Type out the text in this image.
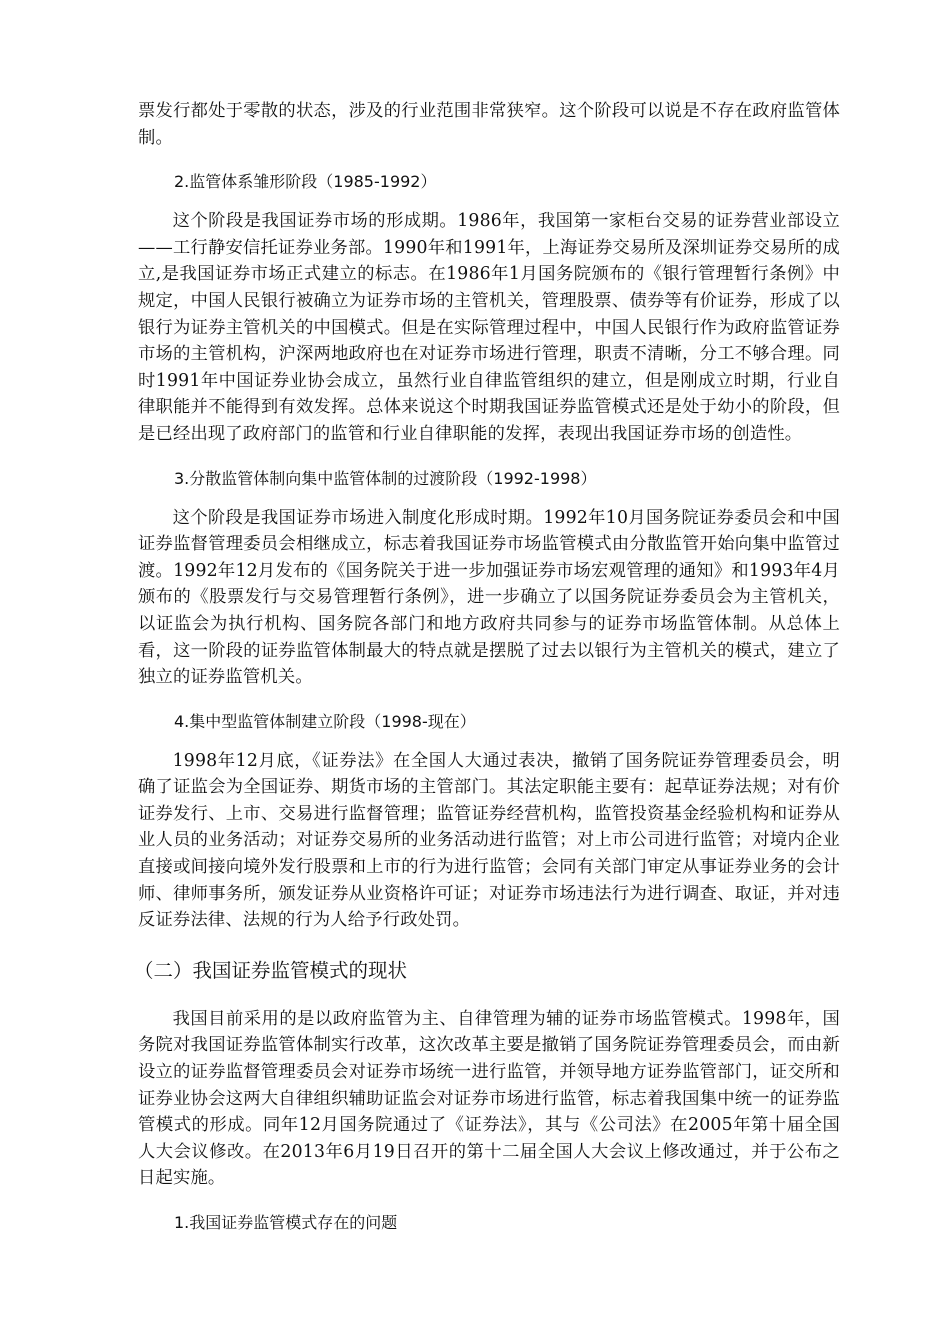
票发行都处于零散的状态，涉及的行业范围非常狭窄。这个阶段可以说是不存在政府监管体制。

2.监管体系雏形阶段（1985-1992）

这个阶段是我国证券市场的形成期。1986年，我国第一家柜台交易的证券营业部设立——工行静安信托证券业务部。1990年和1991年，上海证券交易所及深圳证券交易所的成立,是我国证券市场正式建立的标志。在1986年1月国务院颁布的《银行管理暂行条例》中规定，中国人民银行被确立为证券市场的主管机关，管理股票、债券等有价证券，形成了以银行为证券主管机关的中国模式。但是在实际管理过程中，中国人民银行作为政府监管证券市场的主管机构，沪深两地政府也在对证券市场进行管理，职责不清晰，分工不够合理。同时1991年中国证券业协会成立，虽然行业自律监管组织的建立，但是刚成立时期，行业自律职能并不能得到有效发挥。总体来说这个时期我国证券监管模式还是处于幼小的阶段，但是已经出现了政府部门的监管和行业自律职能的发挥，表现出我国证券市场的创造性。

3.分散监管体制向集中监管体制的过渡阶段（1992-1998）

这个阶段是我国证券市场进入制度化形成时期。1992年10月国务院证券委员会和中国证券监督管理委员会相继成立，标志着我国证券市场监管模式由分散监管开始向集中监管过渡。1992年12月发布的《国务院关于进一步加强证券市场宏观管理的通知》和1993年4月颁布的《股票发行与交易管理暂行条例》，进一步确立了以国务院证券委员会为主管机关，以证监会为执行机构、国务院各部门和地方政府共同参与的证券市场监管体制。从总体上看，这一阶段的证券监管体制最大的特点就是摆脱了过去以银行为主管机关的模式，建立了独立的证券监管机关。

4.集中型监管体制建立阶段（1998-现在）

1998年12月底，《证券法》在全国人大通过表决，撤销了国务院证券管理委员会，明确了证监会为全国证券、期货市场的主管部门。其法定职能主要有：起草证券法规；对有价证券发行、上市、交易进行监督管理；监管证券经营机构，监管投资基金经验机构和证券从业人员的业务活动；对证券交易所的业务活动进行监管；对上市公司进行监管；对境内企业直接或间接向境外发行股票和上市的行为进行监管；会同有关部门审定从事证券业务的会计师、律师事务所，颁发证券从业资格许可证；对证券市场违法行为进行调查、取证，并对违反证券法律、法规的行为人给予行政处罚。

（二）我国证券监管模式的现状

我国目前采用的是以政府监管为主、自律管理为辅的证券市场监管模式。1998年，国务院对我国证券监管体制实行改革，这次改革主要是撤销了国务院证券管理委员会，而由新设立的证券监督管理委员会对证券市场统一进行监管，并领导地方证券监管部门，证交所和证券业协会这两大自律组织辅助证监会对证券市场进行监管，标志着我国集中统一的证券监管模式的形成。同年12月国务院通过了《证券法》，其与《公司法》在2005年第十届全国人大会议修改。在2013年6月19日召开的第十二届全国人大会议上修改通过，并于公布之日起实施。

1.我国证券监管模式存在的问题
